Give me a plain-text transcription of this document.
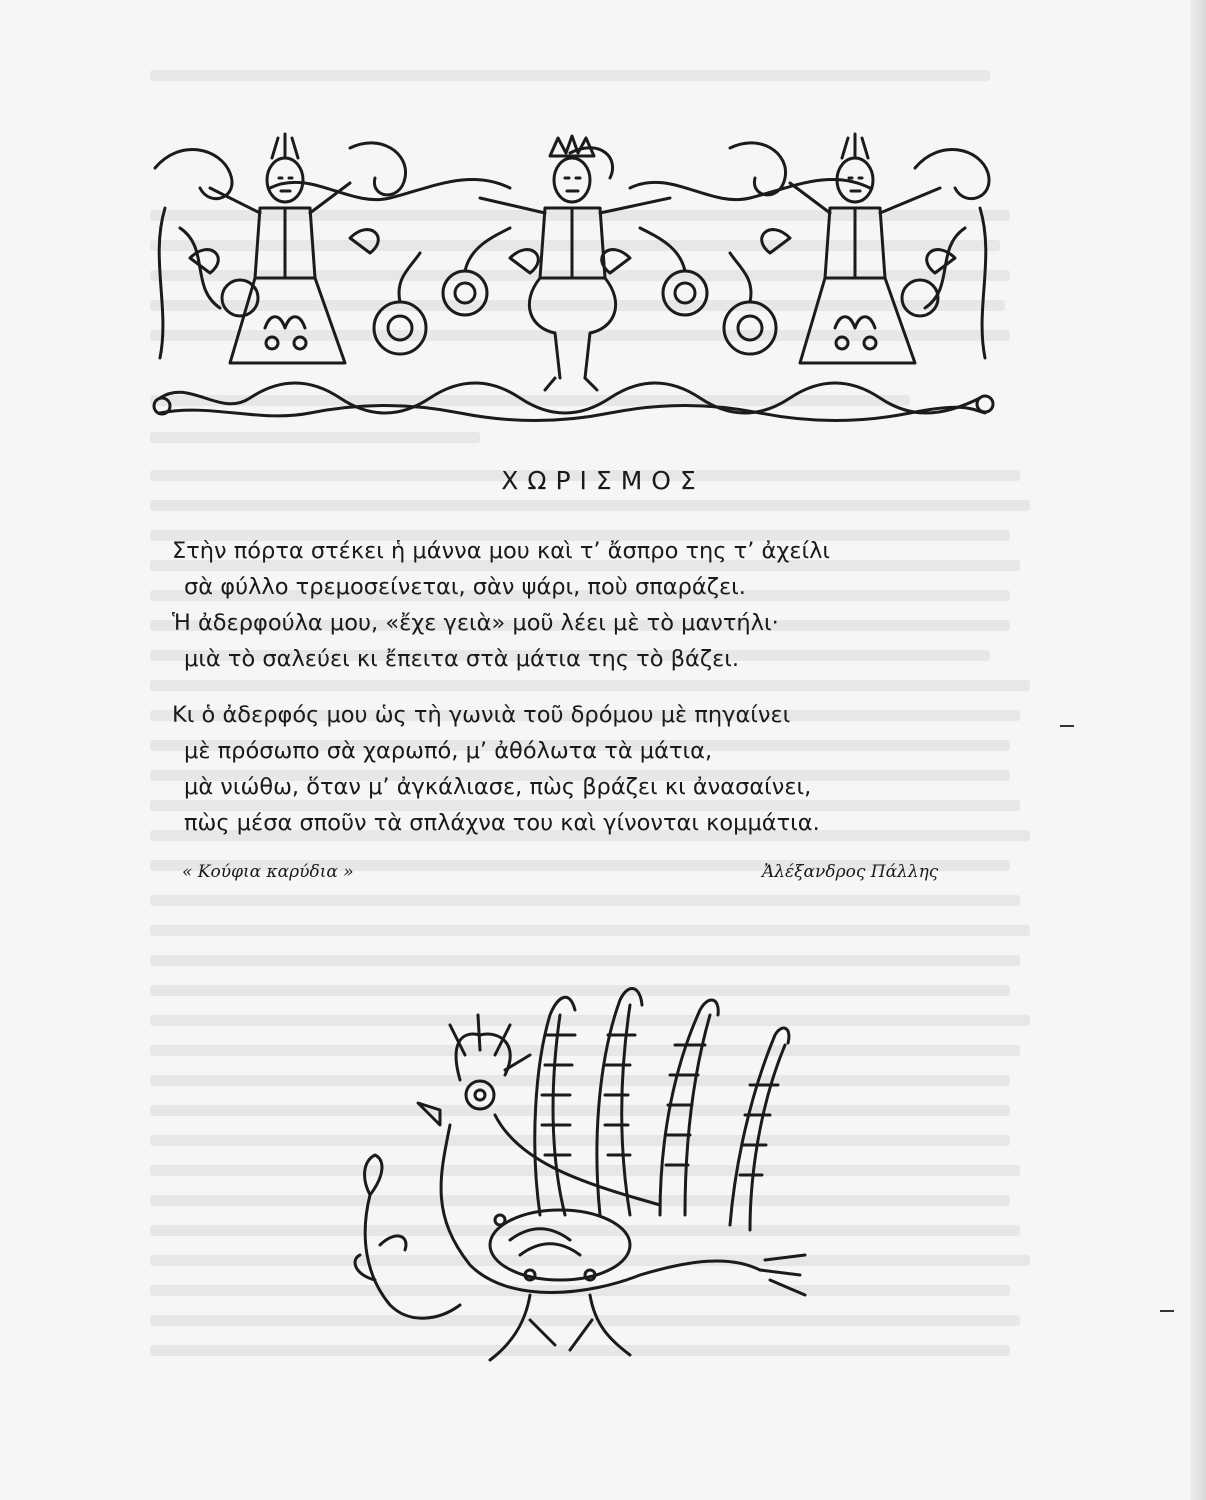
ΧΩΡΙΣΜΟΣ
Στὴν πόρτα στέκει ἡ μάννα μου καὶ τ’ ἄσπρο της τ’ ἀχείλι
σὰ φύλλο τρεμοσείνεται, σὰν ψάρι, ποὺ σπαράζει.
Ἡ ἀδερφούλα μου, «ἔχε γειὰ» μοῦ λέει μὲ τὸ μαντήλι·
μιὰ τὸ σαλεύει κι ἔπειτα στὰ μάτια της τὸ βάζει.
Κι ὁ ἀδερφός μου ὡς τὴ γωνιὰ τοῦ δρόμου μὲ πηγαίνει
μὲ πρόσωπο σὰ χαρωπό, μ’ ἀθόλωτα τὰ μάτια,
μὰ νιώθω, ὅταν μ’ ἀγκάλιασε, πὼς βράζει κι ἀνασαίνει,
πὼς μέσα σποῦν τὰ σπλάχνα του καὶ γίνονται κομμάτια.
« Κούφια καρύδια »	Ἀλέξανδρος Πάλλης
